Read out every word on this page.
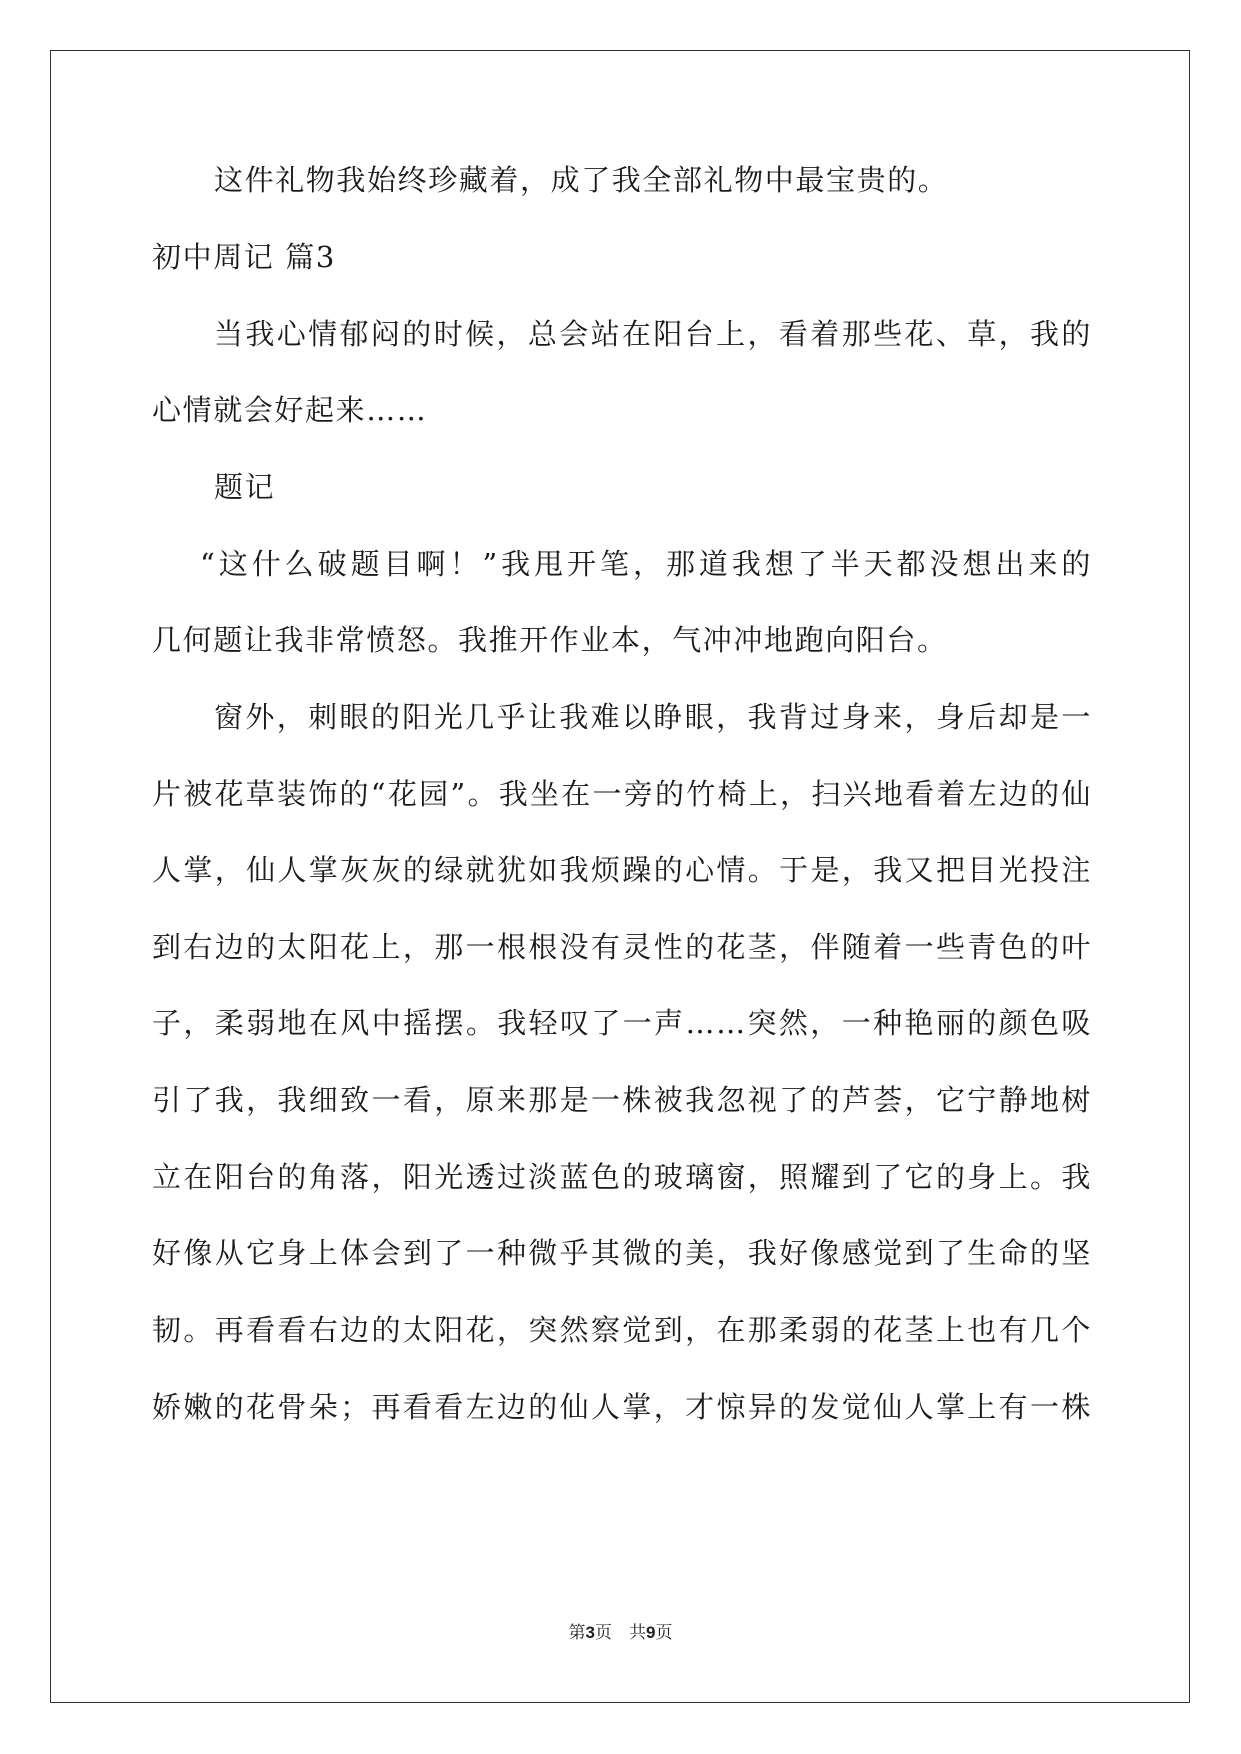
这件礼物我始终珍藏着，成了我全部礼物中最宝贵的。
初中周记 篇3
当我心情郁闷的时候，总会站在阳台上，看着那些花、草，我的
心情就会好起来……
题记
“这什么破题目啊！”我甩开笔，那道我想了半天都没想出来的
几何题让我非常愤怒。我推开作业本，气冲冲地跑向阳台。
窗外，刺眼的阳光几乎让我难以睁眼，我背过身来，身后却是一
片被花草装饰的“花园”。我坐在一旁的竹椅上，扫兴地看着左边的仙
人掌，仙人掌灰灰的绿就犹如我烦躁的心情。于是，我又把目光投注
到右边的太阳花上，那一根根没有灵性的花茎，伴随着一些青色的叶
子，柔弱地在风中摇摆。我轻叹了一声……突然，一种艳丽的颜色吸
引了我，我细致一看，原来那是一株被我忽视了的芦荟，它宁静地树
立在阳台的角落，阳光透过淡蓝色的玻璃窗，照耀到了它的身上。我
好像从它身上体会到了一种微乎其微的美，我好像感觉到了生命的坚
韧。再看看右边的太阳花，突然察觉到，在那柔弱的花茎上也有几个
娇嫩的花骨朵；再看看左边的仙人掌，才惊异的发觉仙人掌上有一株
第3页　共9页
